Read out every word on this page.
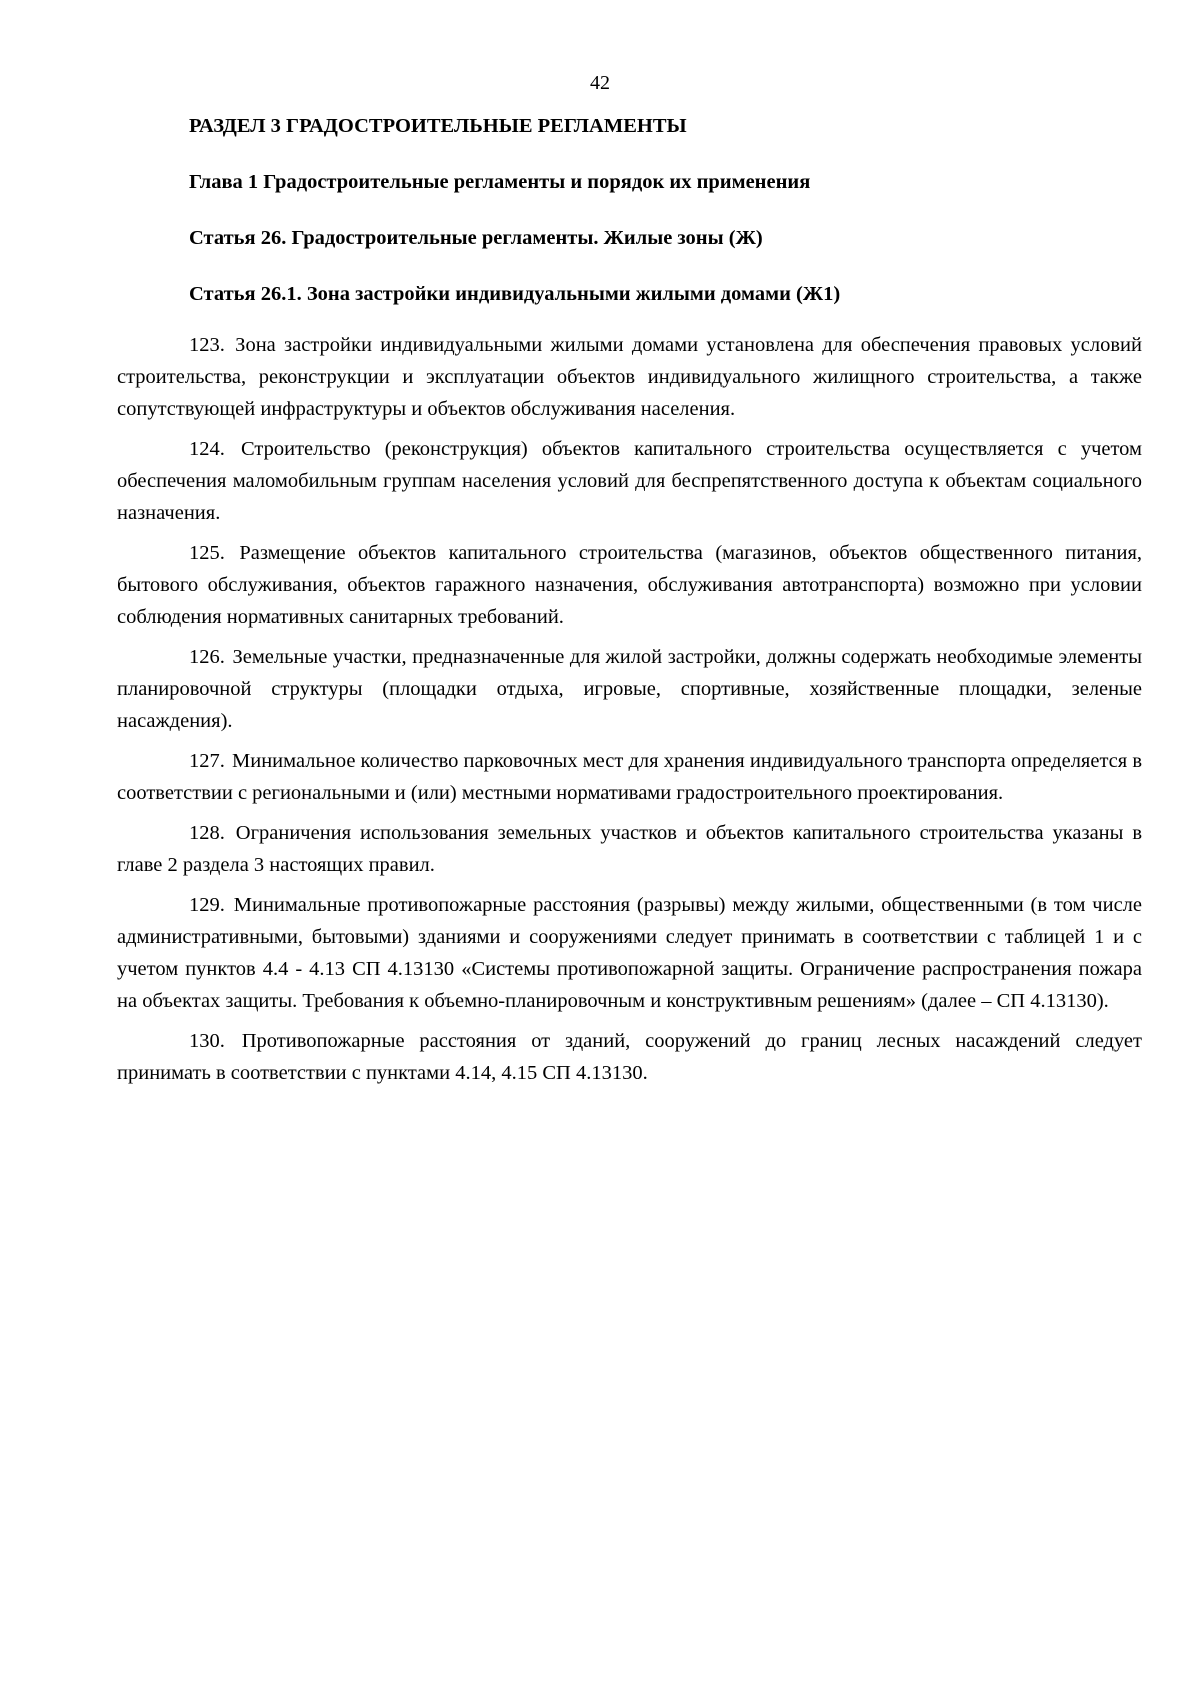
42
РАЗДЕЛ 3 ГРАДОСТРОИТЕЛЬНЫЕ РЕГЛАМЕНТЫ
Глава 1 Градостроительные регламенты и порядок их применения
Статья 26. Градостроительные регламенты. Жилые зоны (Ж)
Статья 26.1. Зона застройки индивидуальными жилыми домами (Ж1)

123. Зона застройки индивидуальными жилыми домами установлена для обеспечения правовых условий строительства, реконструкции и эксплуатации объектов индивидуального жилищного строительства, а также сопутствующей инфраструктуры и объектов обслуживания населения.

124. Строительство (реконструкция) объектов капитального строительства осуществляется с учетом обеспечения маломобильным группам населения условий для беспрепятственного доступа к объектам социального назначения.

125. Размещение объектов капитального строительства (магазинов, объектов общественного питания, бытового обслуживания, объектов гаражного назначения, обслуживания автотранспорта) возможно при условии соблюдения нормативных санитарных требований.

126. Земельные участки, предназначенные для жилой застройки, должны содержать необходимые элементы планировочной структуры (площадки отдыха, игровые, спортивные, хозяйственные площадки, зеленые насаждения).

127. Минимальное количество парковочных мест для хранения индивидуального транспорта определяется в соответствии с региональными и (или) местными нормативами градостроительного проектирования.

128. Ограничения использования земельных участков и объектов капитального строительства указаны в главе 2 раздела 3 настоящих правил.

129. Минимальные противопожарные расстояния (разрывы) между жилыми, общественными (в том числе административными, бытовыми) зданиями и сооружениями следует принимать в соответствии с таблицей 1 и с учетом пунктов 4.4 - 4.13 СП 4.13130 «Системы противопожарной защиты. Ограничение распространения пожара на объектах защиты. Требования к объемно-планировочным и конструктивным решениям» (далее – СП 4.13130).

130. Противопожарные расстояния от зданий, сооружений до границ лесных насаждений следует принимать в соответствии с пунктами 4.14, 4.15 СП 4.13130.
